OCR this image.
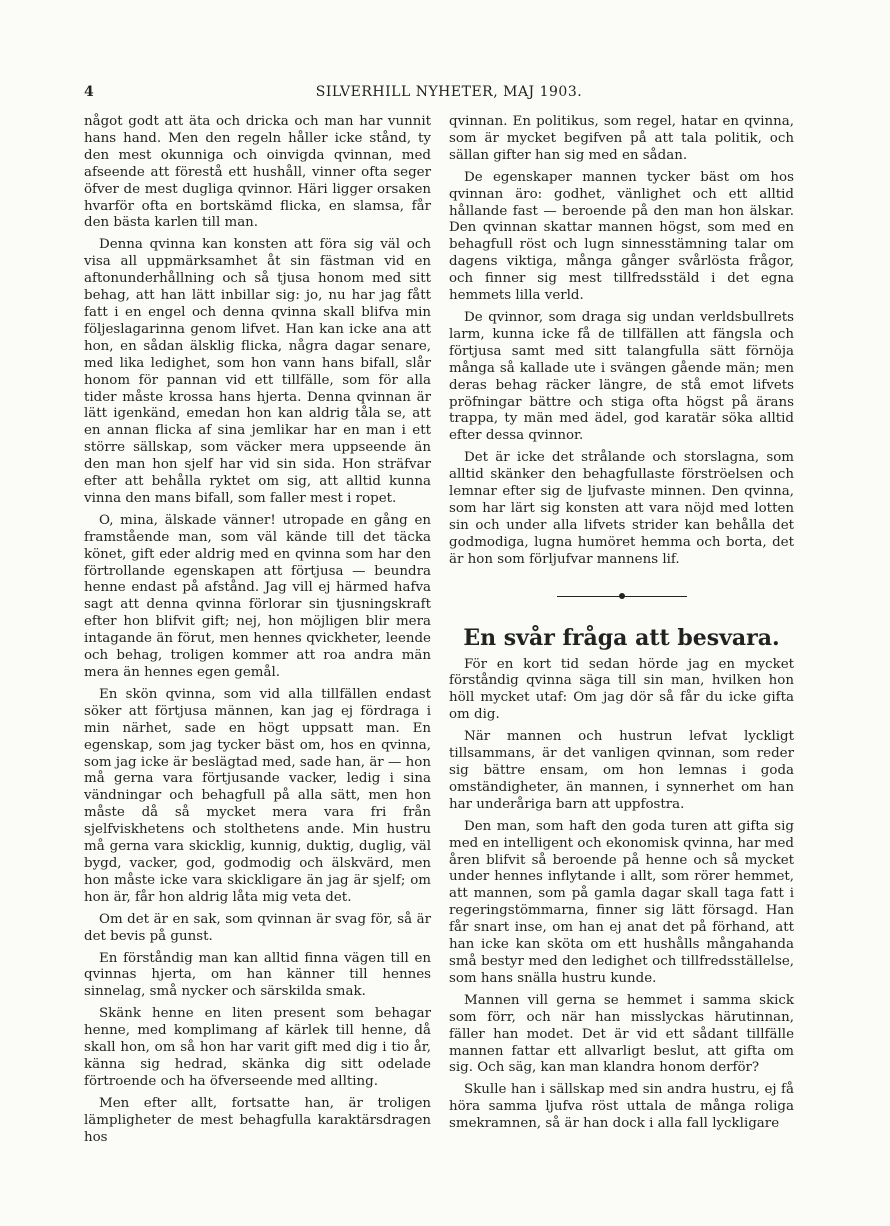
4	SILVERHILL NYHETER, MAJ 1903.

något godt att äta och dricka och man har vunnit hans hand. Men den regeln håller icke stånd, ty den mest okunniga och oinvigda qvinnan, med afseende att förestå ett hushåll, vinner ofta seger öfver de mest dugliga qvinnor. Häri ligger orsaken hvarför ofta en bortskämd flicka, en slamsa, får den bästa karlen till man.

Denna qvinna kan konsten att föra sig väl och visa all uppmärksamhet åt sin fästman vid en aftonunderhållning och så tjusa honom med sitt behag, att han lätt inbillar sig: jo, nu har jag fått fatt i en engel och denna qvinna skall blifva min följeslagarinna genom lifvet. Han kan icke ana att hon, en sådan älsklig flicka, några dagar senare, med lika ledighet, som hon vann hans bifall, slår honom för pannan vid ett tillfälle, som för alla tider måste krossa hans hjerta. Denna qvinnan är lätt igenkänd, emedan hon kan aldrig tåla se, att en annan flicka af sina jemlikar har en man i ett större sällskap, som väcker mera uppseende än den man hon sjelf har vid sin sida. Hon sträfvar efter att behålla ryktet om sig, att alltid kunna vinna den mans bifall, som faller mest i ropet.

O, mina, älskade vänner! utropade en gång en framstående man, som väl kände till det täcka könet, gift eder aldrig med en qvinna som har den förtrollande egenskapen att förtjusa — beundra henne endast på afstånd. Jag vill ej härmed hafva sagt att denna qvinna förlorar sin tjusningskraft efter hon blifvit gift; nej, hon möjligen blir mera intagande än förut, men hennes qvickheter, leende och behag, troligen kommer att roa andra män mera än hennes egen gemål.

En skön qvinna, som vid alla tillfällen endast söker att förtjusa männen, kan jag ej fördraga i min närhet, sade en högt uppsatt man. En egenskap, som jag tycker bäst om, hos en qvinna, som jag icke är beslägtad med, sade han, är — hon må gerna vara förtjusande vacker, ledig i sina vändningar och behagfull på alla sätt, men hon måste då så mycket mera vara fri från sjelfviskhetens och stolthetens ande. Min hustru må gerna vara skicklig, kunnig, duktig, duglig, väl bygd, vacker, god, godmodig och älskvärd, men hon måste icke vara skickligare än jag är sjelf; om hon är, får hon aldrig låta mig veta det.

Om det är en sak, som qvinnan är svag för, så är det bevis på gunst.

En förståndig man kan alltid finna vägen till en qvinnas hjerta, om han känner till hennes sinnelag, små nycker och särskilda smak.

Skänk henne en liten present som behagar henne, med komplimang af kärlek till henne, då skall hon, om så hon har varit gift med dig i tio år, känna sig hedrad, skänka dig sitt odelade förtroende och ha öfverseende med allting.

Men efter allt, fortsatte han, är troligen lämpligheter de mest behagfulla karaktärsdragen hos

qvinnan. En politikus, som regel, hatar en qvinna, som är mycket begifven på att tala politik, och sällan gifter han sig med en sådan.

De egenskaper mannen tycker bäst om hos qvinnan äro: godhet, vänlighet och ett alltid hållande fast — beroende på den man hon älskar. Den qvinnan skattar mannen högst, som med en behagfull röst och lugn sinnesstämning talar om dagens viktiga, många gånger svårlösta frågor, och finner sig mest tillfredsstäld i det egna hemmets lilla verld.

De qvinnor, som draga sig undan verldsbullrets larm, kunna icke få de tillfällen att fängsla och förtjusa samt med sitt talangfulla sätt förnöja många så kallade ute i svängen gående män; men deras behag räcker längre, de stå emot lifvets pröfningar bättre och stiga ofta högst på ärans trappa, ty män med ädel, god karatär söka alltid efter dessa qvinnor.

Det är icke det strålande och storslagna, som alltid skänker den behagfullaste förströelsen och lemnar efter sig de ljufvaste minnen. Den qvinna, som har lärt sig konsten att vara nöjd med lotten sin och under alla lifvets strider kan behålla det godmodiga, lugna humöret hemma och borta, det är hon som förljufvar mannens lif.

En svår fråga att besvara.

För en kort tid sedan hörde jag en mycket förståndig qvinna säga till sin man, hvilken hon höll mycket utaf: Om jag dör så får du icke gifta om dig.

När mannen och hustrun lefvat lyckligt tillsammans, är det vanligen qvinnan, som reder sig bättre ensam, om hon lemnas i goda omständigheter, än mannen, i synnerhet om han har underåriga barn att uppfostra.

Den man, som haft den goda turen att gifta sig med en intelligent och ekonomisk qvinna, har med åren blifvit så beroende på henne och så mycket under hennes inflytande i allt, som rörer hemmet, att mannen, som på gamla dagar skall taga fatt i regeringstömmarna, finner sig lätt försagd. Han får snart inse, om han ej anat det på förhand, att han icke kan sköta om ett hushålls mångahanda små bestyr med den ledighet och tillfredsställelse, som hans snälla hustru kunde.

Mannen vill gerna se hemmet i samma skick som förr, och när han misslyckas härutinnan, fäller han modet. Det är vid ett sådant tillfälle mannen fattar ett allvarligt beslut, att gifta om sig. Och säg, kan man klandra honom derför?

Skulle han i sällskap med sin andra hustru, ej få höra samma ljufva röst uttala de många roliga smekramnen, så är han dock i alla fall lyckligare
